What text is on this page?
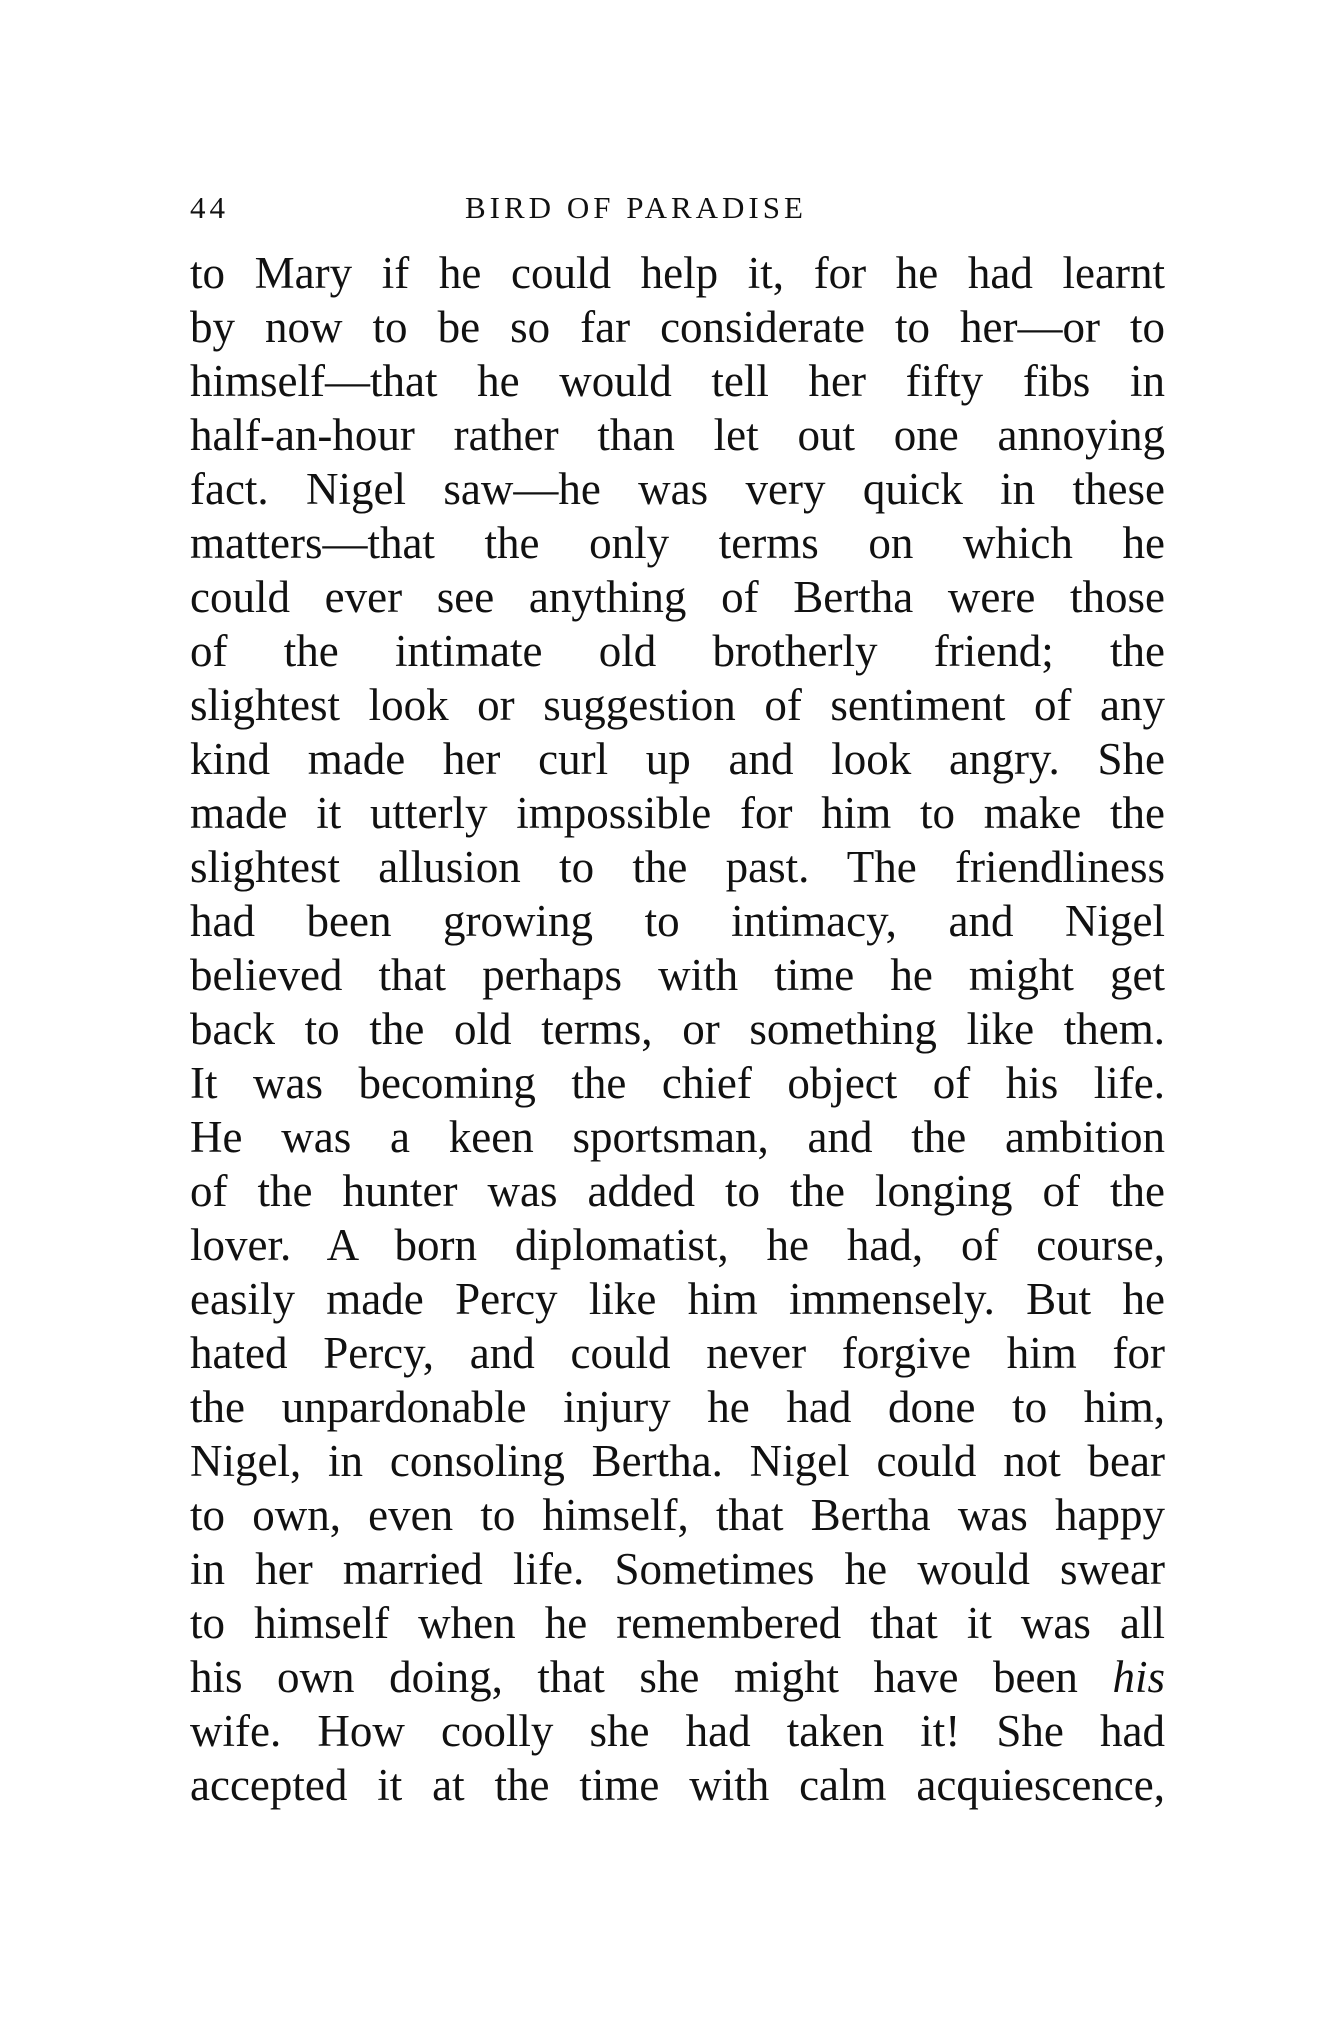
44	BIRD OF PARADISE
to Mary if he could help it, for he had learnt
by now to be so far considerate to her—or to
himself—that he would tell her fifty fibs in
half-an-hour rather than let out one annoying
fact. Nigel saw—he was very quick in these
matters—that the only terms on which he
could ever see anything of Bertha were those
of the intimate old brotherly friend; the
slightest look or suggestion of sentiment of any
kind made her curl up and look angry. She
made it utterly impossible for him to make the
slightest allusion to the past. The friendliness
had been growing to intimacy, and Nigel
believed that perhaps with time he might get
back to the old terms, or something like them.
It was becoming the chief object of his life.
He was a keen sportsman, and the ambition
of the hunter was added to the longing of the
lover. A born diplomatist, he had, of course,
easily made Percy like him immensely. But he
hated Percy, and could never forgive him for
the unpardonable injury he had done to him,
Nigel, in consoling Bertha. Nigel could not bear
to own, even to himself, that Bertha was happy
in her married life. Sometimes he would swear
to himself when he remembered that it was all
his own doing, that she might have been his
wife. How coolly she had taken it! She had
accepted it at the time with calm acquiescence,
